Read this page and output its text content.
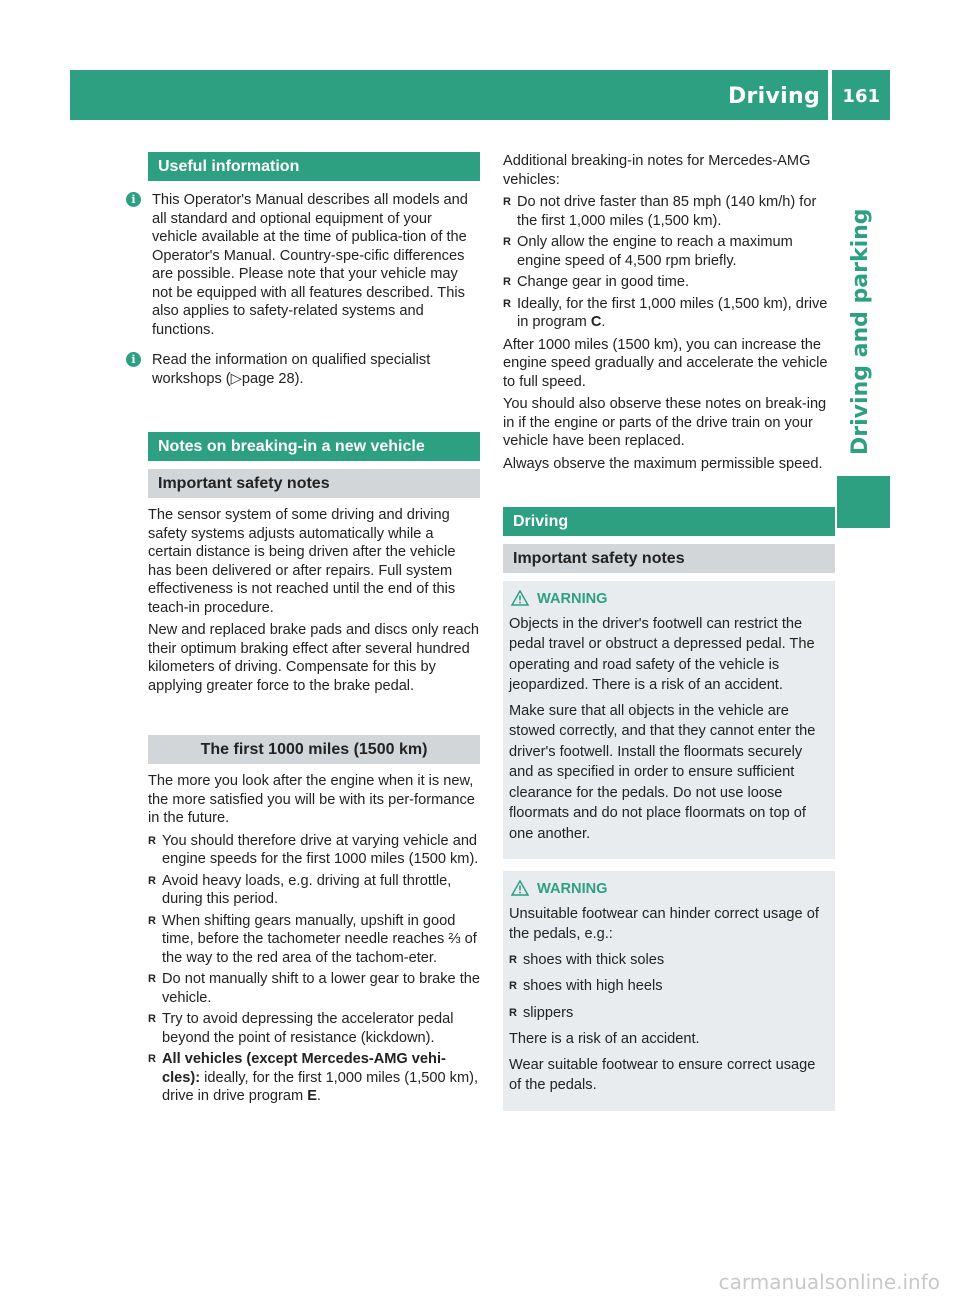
Driving 161
Driving and parking
Useful information

i	This Operator's Manual describes all models and all standard and optional equipment of your vehicle available at the time of publica-tion of the Operator's Manual. Country-spe-cific differences are possible. Please note that your vehicle may not be equipped with all features described. This also applies to safety-related systems and functions.

i	Read the information on qualified specialist workshops (▷page 28).

Notes on breaking-in a new vehicle
Important safety notes

The sensor system of some driving and driving safety systems adjusts automatically while a certain distance is being driven after the vehicle has been delivered or after repairs. Full system effectiveness is not reached until the end of this teach-in procedure.

New and replaced brake pads and discs only reach their optimum braking effect after several hundred kilometers of driving. Compensate for this by applying greater force to the brake pedal.

The first 1000 miles (1500 km)

The more you look after the engine when it is new, the more satisfied you will be with its per-formance in the future.

R You should therefore drive at varying vehicle and engine speeds for the first 1000 miles (1500 km).
R Avoid heavy loads, e.g. driving at full throttle, during this period.
R When shifting gears manually, upshift in good time, before the tachometer needle reaches ⅔ of the way to the red area of the tachom-eter.
R Do not manually shift to a lower gear to brake the vehicle.
R Try to avoid depressing the accelerator pedal beyond the point of resistance (kickdown).
R All vehicles (except Mercedes-AMG vehi-cles): ideally, for the first 1,000 miles (1,500 km), drive in drive program E.

Additional breaking-in notes for Mercedes-AMG vehicles:

R Do not drive faster than 85 mph (140 km/h) for the first 1,000 miles (1,500 km).
R Only allow the engine to reach a maximum engine speed of 4,500 rpm briefly.
R Change gear in good time.
R Ideally, for the first 1,000 miles (1,500 km), drive in program C.

After 1000 miles (1500 km), you can increase the engine speed gradually and accelerate the vehicle to full speed.

You should also observe these notes on break-ing in if the engine or parts of the drive train on your vehicle have been replaced.

Always observe the maximum permissible speed.

Driving
Important safety notes
WARNING

Objects in the driver's footwell can restrict the pedal travel or obstruct a depressed pedal. The operating and road safety of the vehicle is jeopardized. There is a risk of an accident.

Make sure that all objects in the vehicle are stowed correctly, and that they cannot enter the driver's footwell. Install the floormats securely and as specified in order to ensure sufficient clearance for the pedals. Do not use loose floormats and do not place floormats on top of one another.

WARNING

Unsuitable footwear can hinder correct usage of the pedals, e.g.:

R shoes with thick soles
R shoes with high heels
R slippers

There is a risk of an accident.

Wear suitable footwear to ensure correct usage of the pedals.

carmanualsonline.info
